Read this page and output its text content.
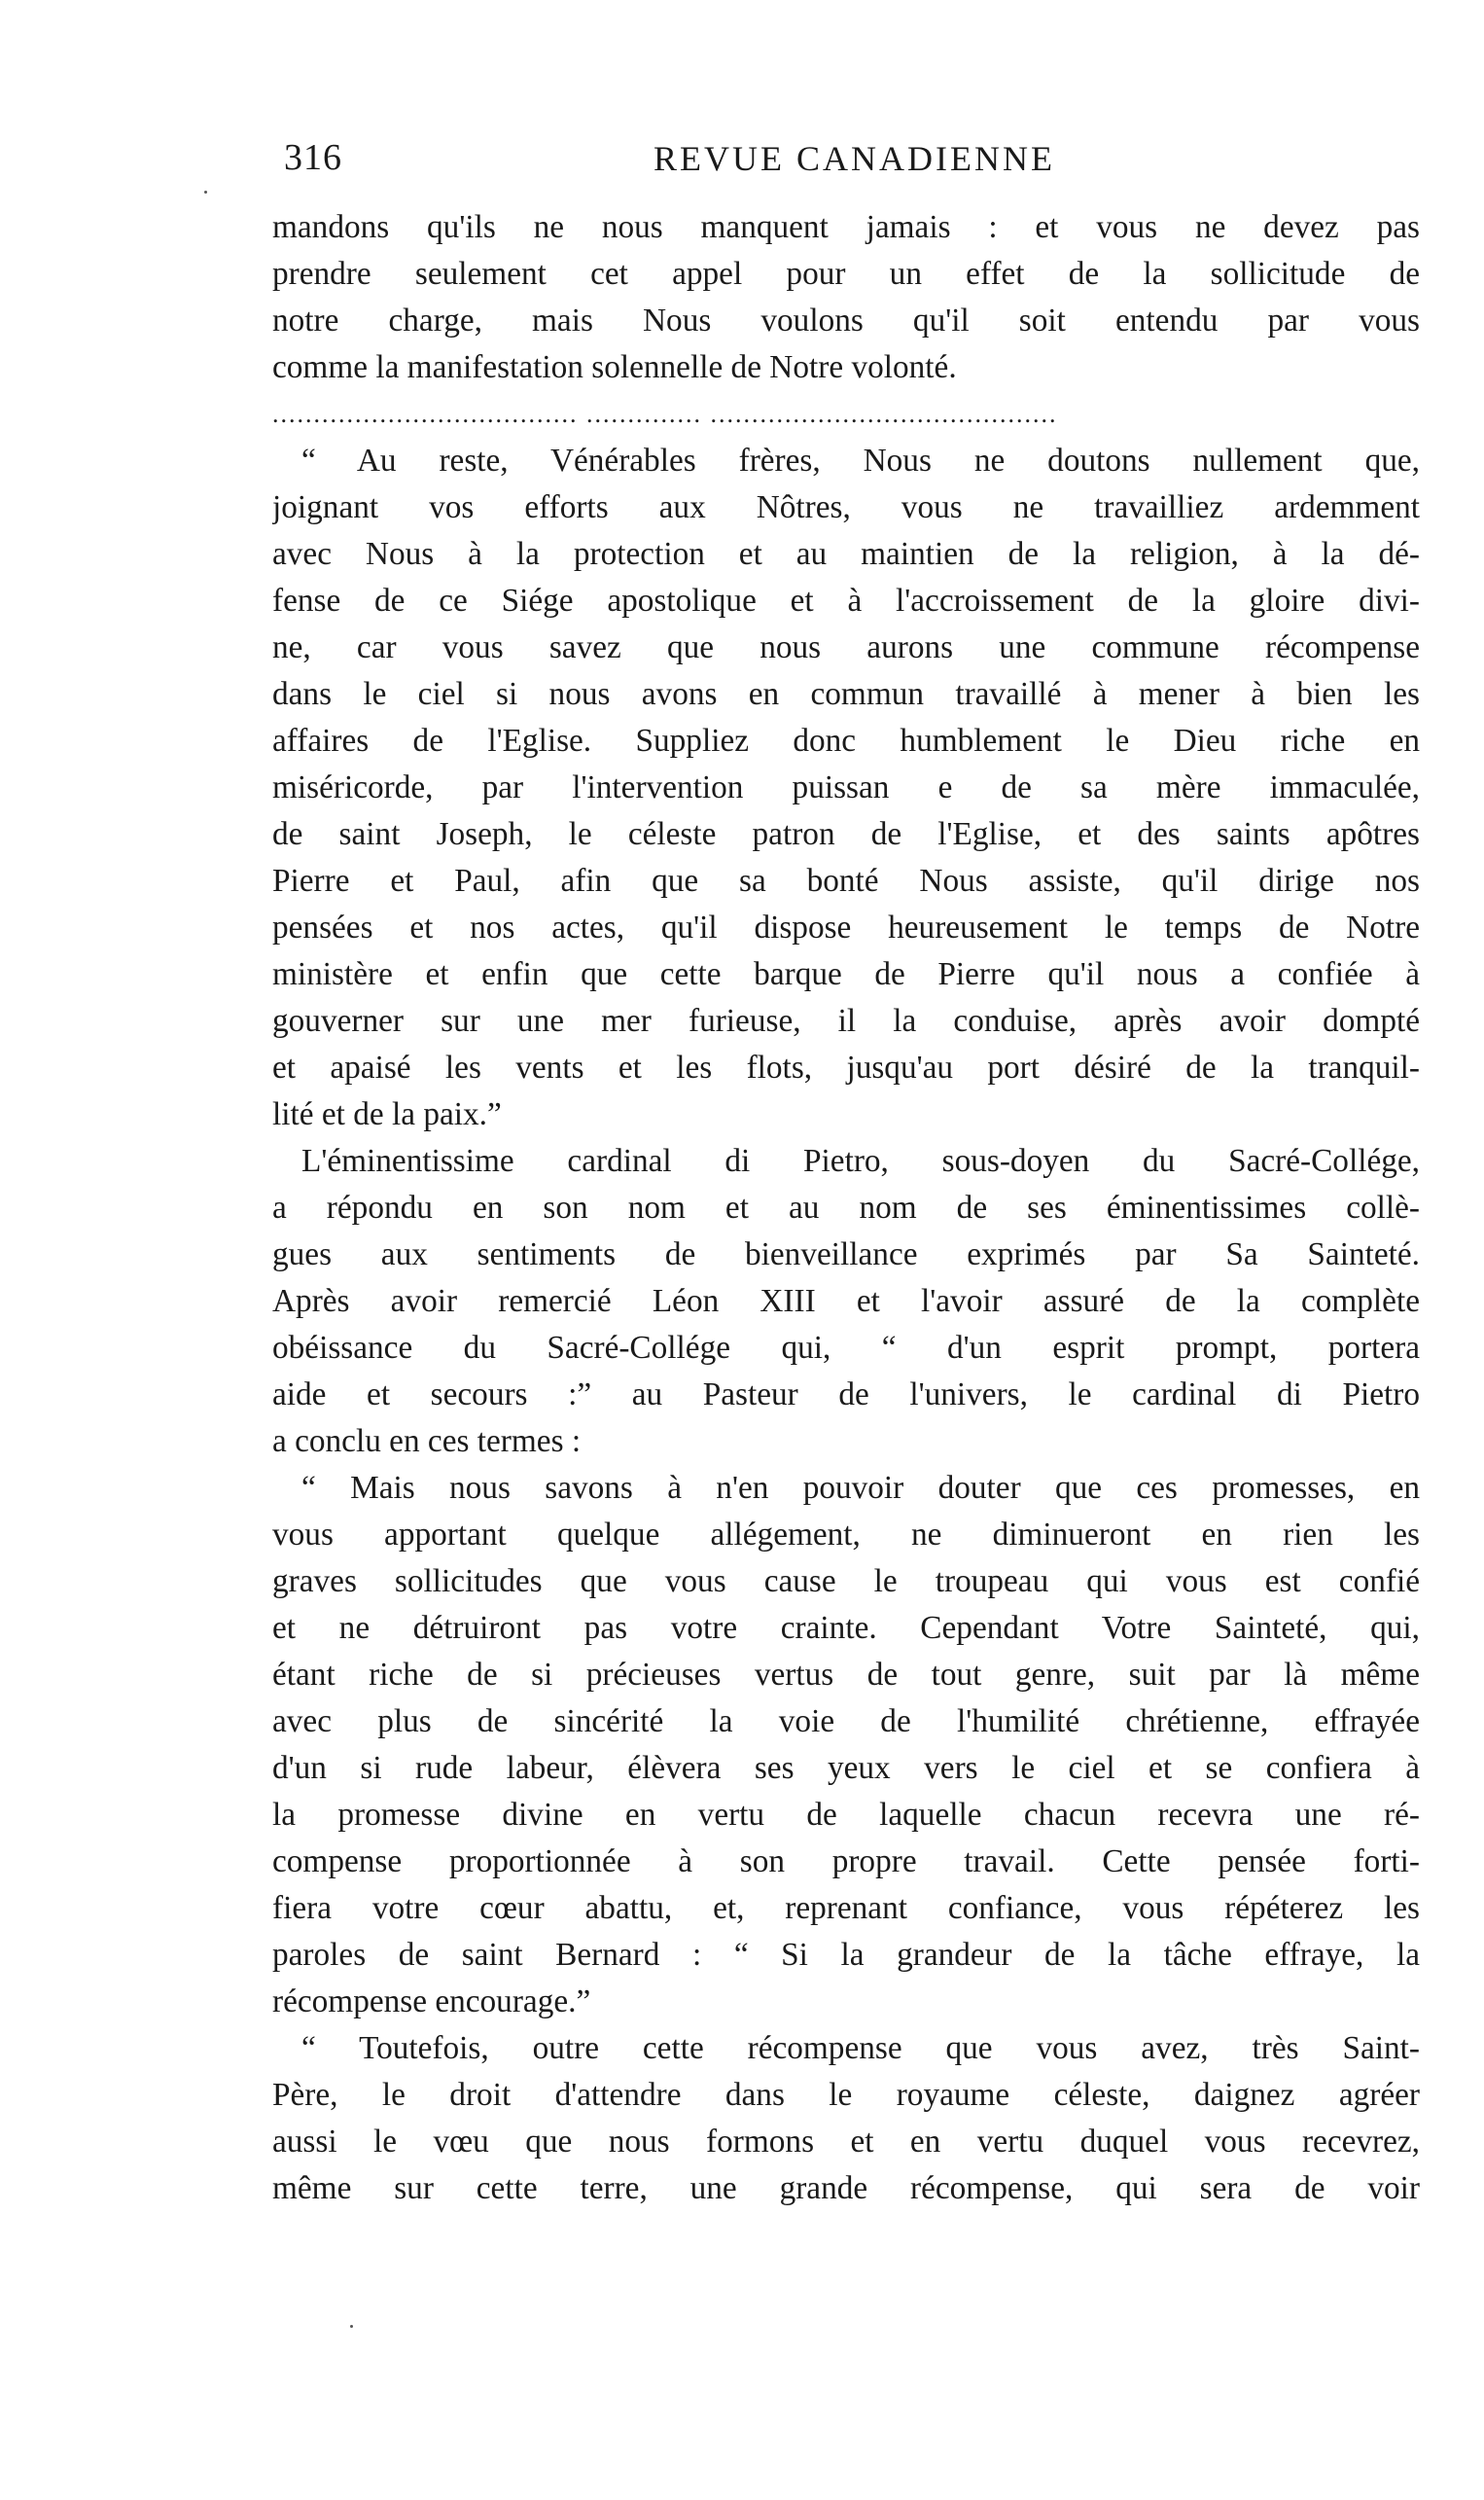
316	REVUE CANADIENNE
mandons qu'ils ne nous manquent jamais : et vous ne devez pas
prendre seulement cet appel pour un effet de la sollicitude de
notre charge, mais Nous voulons qu'il soit entendu par vous
comme la manifestation solennelle de Notre volonté.
..................................... .............. ..........................................
“ Au reste, Vénérables frères, Nous ne doutons nullement que,
joignant vos efforts aux Nôtres, vous ne travailliez ardemment
avec Nous à la protection et au maintien de la religion, à la dé-
fense de ce Siége apostolique et à l'accroissement de la gloire divi-
ne, car vous savez que nous aurons une commune récompense
dans le ciel si nous avons en commun travaillé à mener à bien les
affaires de l'Eglise. Suppliez donc humblement le Dieu riche en
miséricorde, par l'intervention puissan e de sa mère immaculée,
de saint Joseph, le céleste patron de l'Eglise, et des saints apôtres
Pierre et Paul, afin que sa bonté Nous assiste, qu'il dirige nos
pensées et nos actes, qu'il dispose heureusement le temps de Notre
ministère et enfin que cette barque de Pierre qu'il nous a confiée à
gouverner sur une mer furieuse, il la conduise, après avoir dompté
et apaisé les vents et les flots, jusqu'au port désiré de la tranquil-
lité et de la paix.”
L'éminentissime cardinal di Pietro, sous-doyen du Sacré-Collége,
a répondu en son nom et au nom de ses éminentissimes collè-
gues aux sentiments de bienveillance exprimés par Sa Sainteté.
Après avoir remercié Léon XIII et l'avoir assuré de la complète
obéissance du Sacré-Collége qui, “ d'un esprit prompt, portera
aide et secours :” au Pasteur de l'univers, le cardinal di Pietro
a conclu en ces termes :
“ Mais nous savons à n'en pouvoir douter que ces promesses, en
vous apportant quelque allégement, ne diminueront en rien les
graves sollicitudes que vous cause le troupeau qui vous est confié
et ne détruiront pas votre crainte. Cependant Votre Sainteté, qui,
étant riche de si précieuses vertus de tout genre, suit par là même
avec plus de sincérité la voie de l'humilité chrétienne, effrayée
d'un si rude labeur, élèvera ses yeux vers le ciel et se confiera à
la promesse divine en vertu de laquelle chacun recevra une ré-
compense proportionnée à son propre travail. Cette pensée forti-
fiera votre cœur abattu, et, reprenant confiance, vous répéterez les
paroles de saint Bernard : “ Si la grandeur de la tâche effraye, la
récompense encourage.”
“ Toutefois, outre cette récompense que vous avez, très Saint-
Père, le droit d'attendre dans le royaume céleste, daignez agréer
aussi le vœu que nous formons et en vertu duquel vous recevrez,
même sur cette terre, une grande récompense, qui sera de voir
